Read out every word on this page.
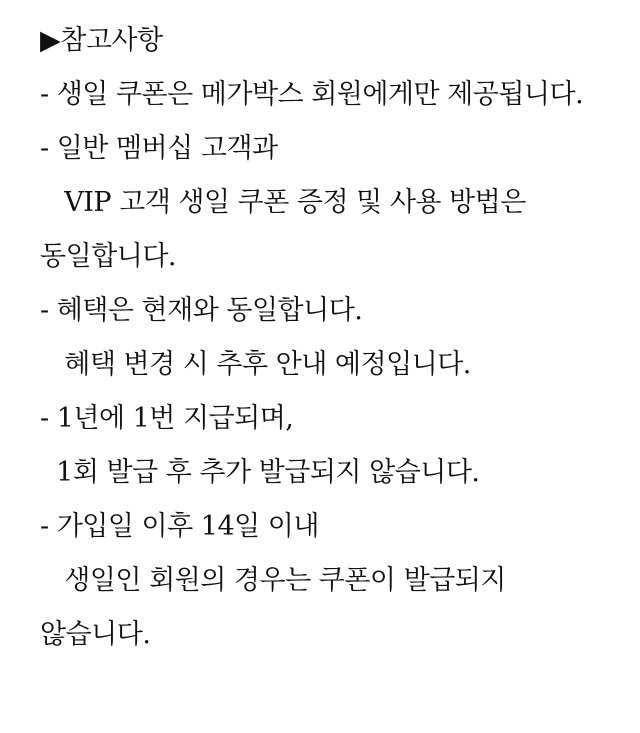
▶참고사항

- 생일 쿠폰은 메가박스 회원에게만 제공됩니다.

- 일반 멤버십 고객과

VIP 고객 생일 쿠폰 증정 및 사용 방법은 동일합니다.

- 혜택은 현재와 동일합니다.

혜택 변경 시 추후 안내 예정입니다.

- 1년에 1번 지급되며,

1회 발급 후 추가 발급되지 않습니다.

- 가입일 이후 14일 이내

생일인 회원의 경우는 쿠폰이 발급되지 않습니다.
